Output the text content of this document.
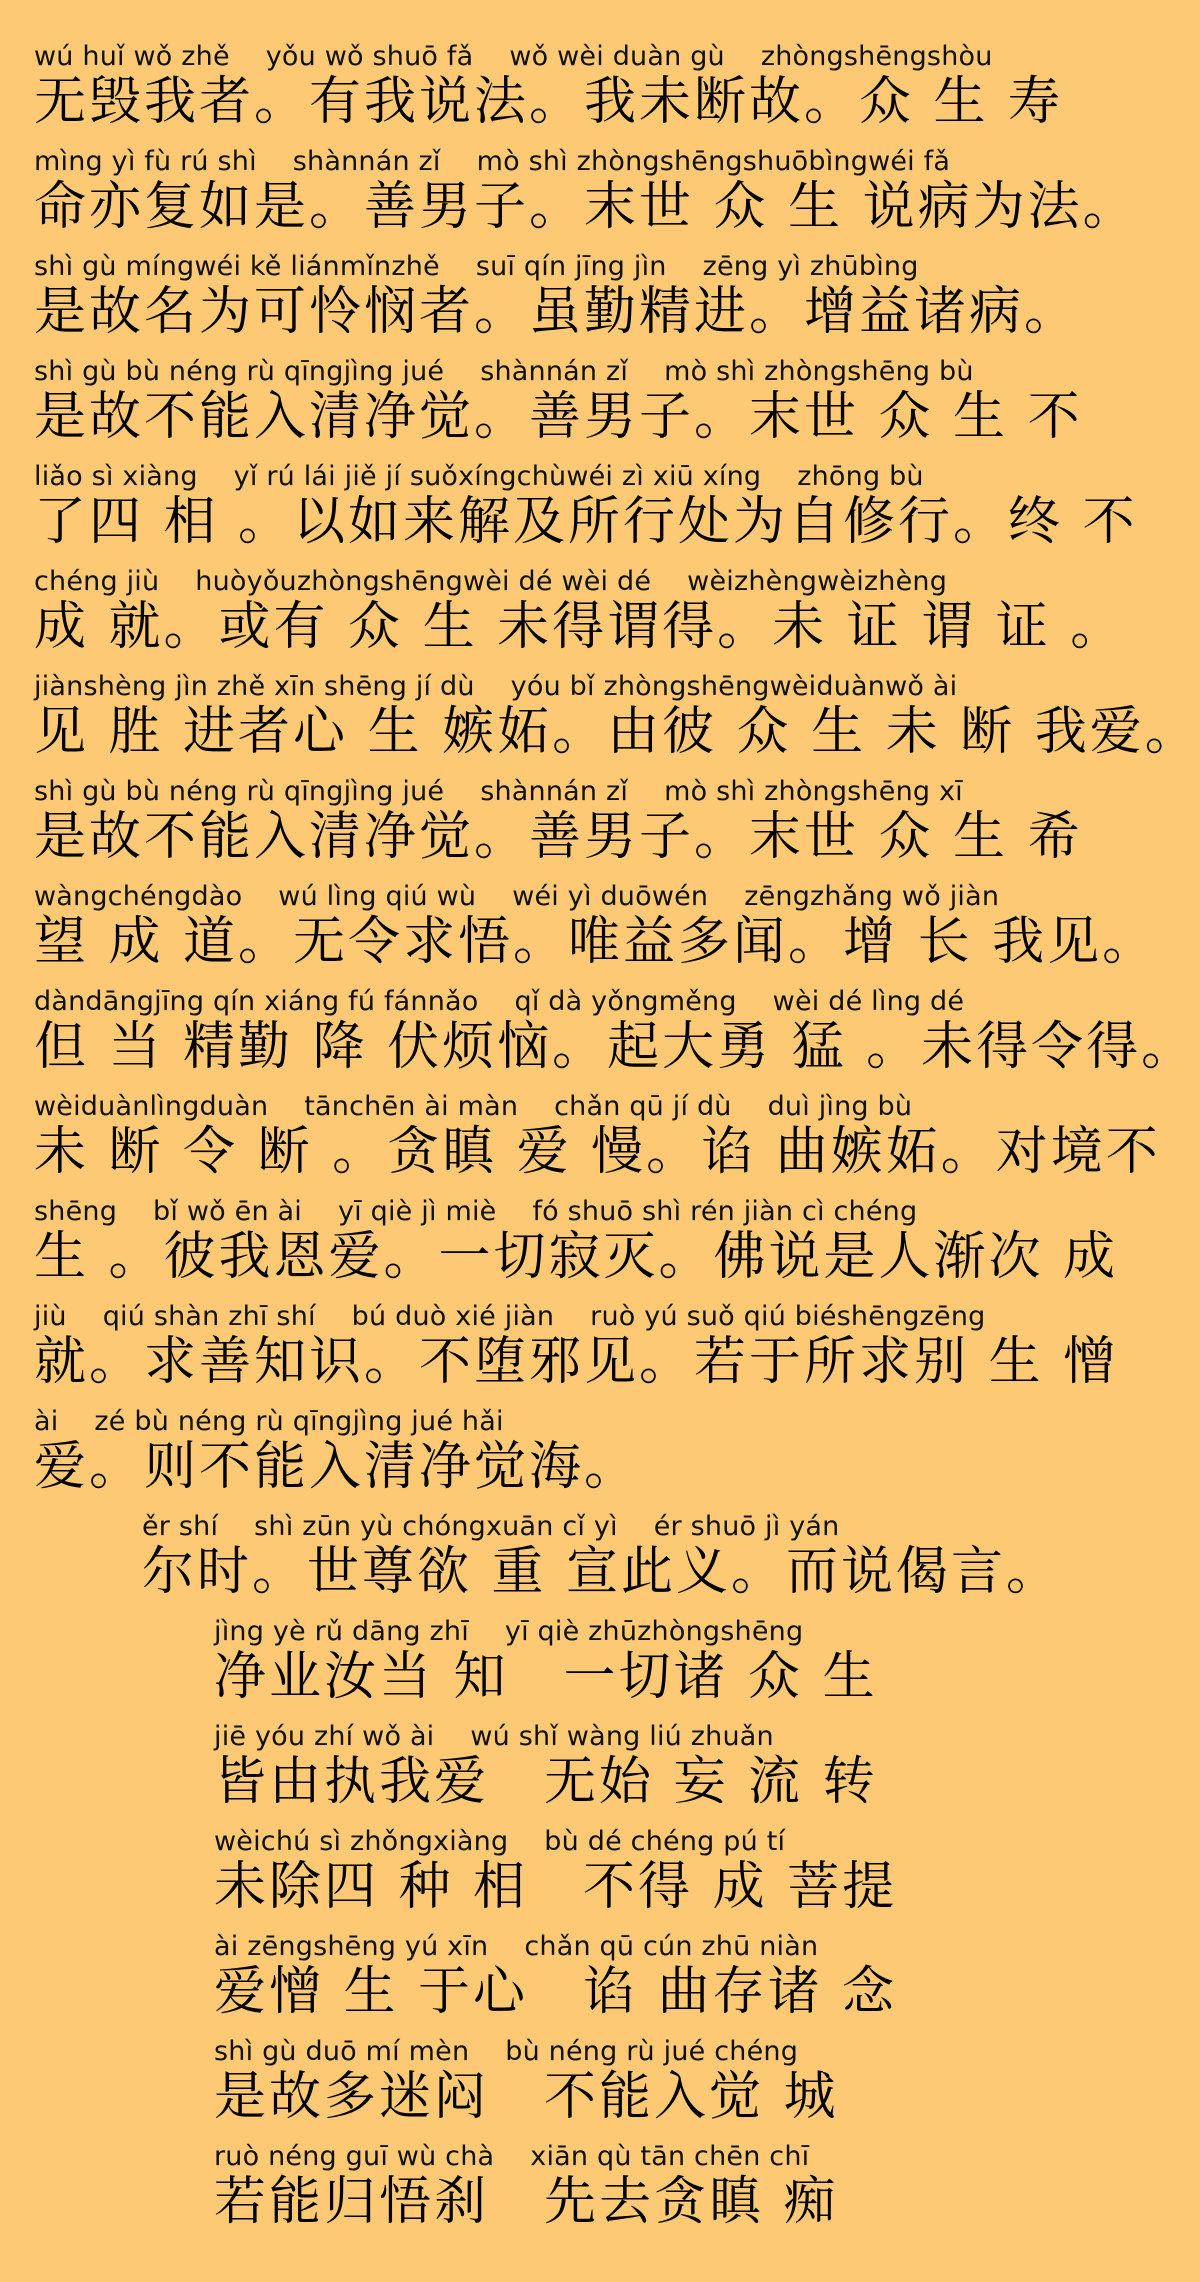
wú huǐ wǒ zhě　 yǒu wǒ shuō fǎ　 wǒ wèi duàn gù　 zhòngshēngshòu
无毁我者。有我说法。我未断故。众 生 寿
mìng yì fù rú shì　 shànnán zǐ　 mò shì zhòngshēngshuōbìngwéi fǎ
命亦复如是。善男子。末世 众 生 说病为法。
shì gù míngwéi kě liánmǐnzhě　 suī qín jīng jìn　 zēng yì zhūbìng
是故名为可怜悯者。虽勤精进。增益诸病。
shì gù bù néng rù qīngjìng jué　 shànnán zǐ　 mò shì zhòngshēng bù
是故不能入清净觉。善男子。末世 众 生 不
liǎo sì xiàng　 yǐ rú lái jiě jí suǒxíngchùwéi zì xiū xíng　 zhōng bù
了四 相 。以如来解及所行处为自修行。终 不
chéng jiù　 huòyǒuzhòngshēngwèi dé wèi dé　 wèizhèngwèizhèng
成 就。或有 众 生 未得谓得。未 证 谓 证 。
jiànshèng jìn zhě xīn shēng jí dù　 yóu bǐ zhòngshēngwèiduànwǒ ài
见 胜 进者心 生 嫉妬。由彼 众 生 未 断 我爱。
shì gù bù néng rù qīngjìng jué　 shànnán zǐ　 mò shì zhòngshēng xī
是故不能入清净觉。善男子。末世 众 生 希
wàngchéngdào　 wú lìng qiú wù　 wéi yì duōwén　 zēngzhǎng wǒ jiàn
望 成 道。无令求悟。唯益多闻。增 长 我见。
dàndāngjīng qín xiáng fú fánnǎo　 qǐ dà yǒngměng　 wèi dé lìng dé
但 当 精勤 降 伏烦恼。起大勇 猛 。未得令得。
wèiduànlìngduàn　 tānchēn ài màn　 chǎn qū jí dù　 duì jìng bù
未 断 令 断 。贪瞋 爱 慢。谄 曲嫉妬。对境不
shēng　 bǐ wǒ ēn ài　 yī qiè jì miè　 fó shuō shì rén jiàn cì chéng
生 。彼我恩爱。一切寂灭。佛说是人渐次 成
jiù　 qiú shàn zhī shí　 bú duò xié jiàn　 ruò yú suǒ qiú biéshēngzēng
就。求善知识。不堕邪见。若于所求别 生 憎
ài　 zé bù néng rù qīngjìng jué hǎi
爱。则不能入清净觉海。
ěr shí　 shì zūn yù chóngxuān cǐ yì　 ér shuō jì yán
尔时。世尊欲 重 宣此义。而说偈言。
jìng yè rǔ dāng zhī　 yī qiè zhūzhòngshēng
净业汝当 知　一切诸 众 生
jiē yóu zhí wǒ ài　 wú shǐ wàng liú zhuǎn
皆由执我爱　无始 妄 流 转
wèichú sì zhǒngxiàng　 bù dé chéng pú tí
未除四 种 相　不得 成 菩提
ài zēngshēng yú xīn　 chǎn qū cún zhū niàn
爱憎 生 于心　谄 曲存诸 念
shì gù duō mí mèn　 bù néng rù jué chéng
是故多迷闷　不能入觉 城
ruò néng guī wù chà　 xiān qù tān chēn chī
若能归悟刹　先去贪瞋 痴
